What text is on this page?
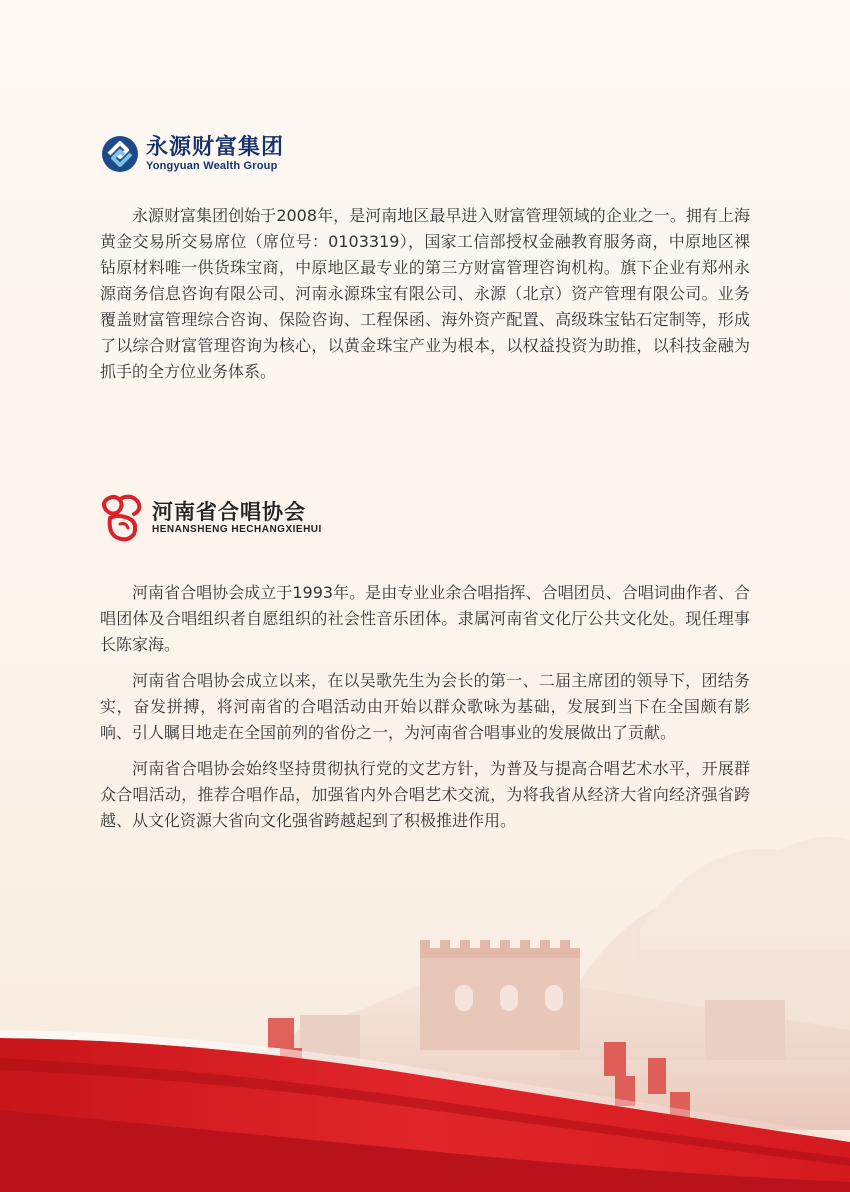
永源财富集团
Yongyuan Wealth Group

永源财富集团创始于2008年，是河南地区最早进入财富管理领域的企业之一。拥有上海黄金交易所交易席位（席位号：0103319），国家工信部授权金融教育服务商，中原地区裸钻原材料唯一供货珠宝商，中原地区最专业的第三方财富管理咨询机构。旗下企业有郑州永源商务信息咨询有限公司、河南永源珠宝有限公司、永源（北京）资产管理有限公司。业务覆盖财富管理综合咨询、保险咨询、工程保函、海外资产配置、高级珠宝钻石定制等，形成了以综合财富管理咨询为核心，以黄金珠宝产业为根本，以权益投资为助推，以科技金融为抓手的全方位业务体系。

河南省合唱协会
HENANSHENG HECHANGXIEHUI

河南省合唱协会成立于1993年。是由专业业余合唱指挥、合唱团员、合唱词曲作者、合唱团体及合唱组织者自愿组织的社会性音乐团体。隶属河南省文化厅公共文化处。现任理事长陈家海。

河南省合唱协会成立以来，在以吴歌先生为会长的第一、二届主席团的领导下，团结务实，奋发拼搏，将河南省的合唱活动由开始以群众歌咏为基础，发展到当下在全国颇有影响、引人瞩目地走在全国前列的省份之一，为河南省合唱事业的发展做出了贡献。

河南省合唱协会始终坚持贯彻执行党的文艺方针，为普及与提高合唱艺术水平，开展群众合唱活动，推荐合唱作品，加强省内外合唱艺术交流，为将我省从经济大省向经济强省跨越、从文化资源大省向文化强省跨越起到了积极推进作用。
